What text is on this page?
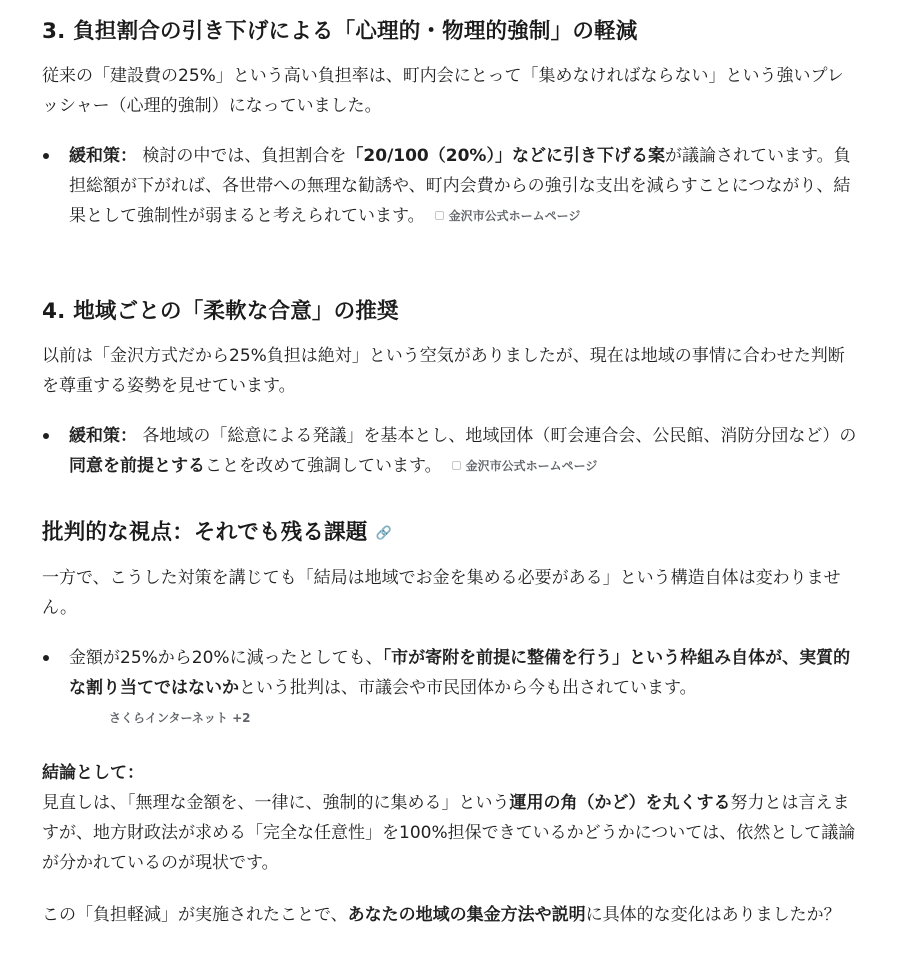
3. 負担割合の引き下げによる「心理的・物理的強制」の軽減

従来の「建設費の25%」という高い負担率は、町内会にとって「集めなければならない」という強いプレッシャー（心理的強制）になっていました。

緩和策： 検討の中では、負担割合を「20/100（20%）」などに引き下げる案が議論されています。負担総額が下がれば、各世帯への無理な勧誘や、町内会費からの強引な支出を減らすことにつながり、結果として強制性が弱まると考えられています。 金沢市公式ホームページ
4. 地域ごとの「柔軟な合意」の推奨

以前は「金沢方式だから25%負担は絶対」という空気がありましたが、現在は地域の事情に合わせた判断を尊重する姿勢を見せています。

緩和策： 各地域の「総意による発議」を基本とし、地域団体（町会連合会、公民館、消防分団など）の同意を前提とすることを改めて強調しています。 金沢市公式ホームページ
批判的な視点：それでも残る課題 🔗

一方で、こうした対策を講じても「結局は地域でお金を集める必要がある」という構造自体は変わりません。

金額が25%から20%に減ったとしても、「市が寄附を前提に整備を行う」という枠組み自体が、実質的な割り当てではないかという批判は、市議会や市民団体から今も出されています。さくらインターネット +2

結論として：

見直しは、「無理な金額を、一律に、強制的に集める」という運用の角（かど）を丸くする努力とは言えますが、地方財政法が求める「完全な任意性」を100%担保できているかどうかについては、依然として議論が分かれているのが現状です。

この「負担軽減」が実施されたことで、あなたの地域の集金方法や説明に具体的な変化はありましたか？
